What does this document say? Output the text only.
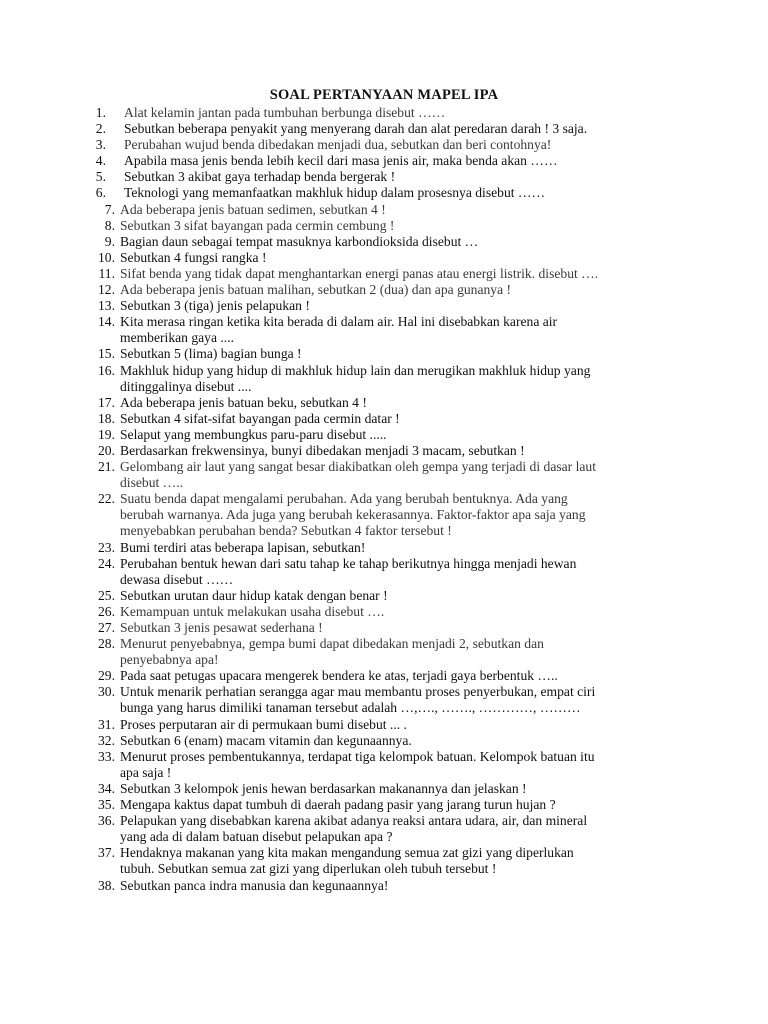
SOAL PERTANYAAN MAPEL IPA
1.	Alat kelamin jantan pada tumbuhan berbunga disebut ……
2.	Sebutkan beberapa penyakit yang menyerang darah dan alat peredaran darah ! 3 saja.
3.	Perubahan wujud benda dibedakan menjadi dua, sebutkan dan beri contohnya!
4.	Apabila masa jenis benda lebih kecil dari masa jenis air, maka benda akan ……
5.	Sebutkan 3 akibat gaya terhadap benda bergerak !
6.	Teknologi yang memanfaatkan makhluk hidup dalam prosesnya disebut ……
7. Ada beberapa jenis batuan sedimen, sebutkan 4 !
8. Sebutkan 3 sifat bayangan pada cermin cembung !
9. Bagian daun sebagai tempat masuknya karbondioksida disebut …
10. Sebutkan 4 fungsi rangka !
11. Sifat benda yang tidak dapat menghantarkan energi panas atau energi listrik. disebut ….
12. Ada beberapa jenis batuan malihan, sebutkan 2 (dua) dan apa gunanya !
13. Sebutkan 3 (tiga) jenis pelapukan !
14. Kita merasa ringan ketika kita berada di dalam air. Hal ini disebabkan karena air
memberikan gaya ....
15. Sebutkan 5 (lima) bagian bunga !
16. Makhluk hidup yang hidup di makhluk hidup lain dan merugikan makhluk hidup yang
ditinggalinya disebut ....
17. Ada beberapa jenis batuan beku, sebutkan 4 !
18. Sebutkan 4 sifat-sifat bayangan pada cermin datar !
19. Selaput yang membungkus paru-paru disebut .....
20. Berdasarkan frekwensinya, bunyi dibedakan menjadi 3 macam, sebutkan !
21. Gelombang air laut yang sangat besar diakibatkan oleh gempa yang terjadi di dasar laut
disebut …..
22. Suatu benda dapat mengalami perubahan. Ada yang berubah bentuknya. Ada yang
berubah warnanya. Ada juga yang berubah kekerasannya. Faktor-faktor apa saja yang
menyebabkan perubahan benda? Sebutkan 4 faktor tersebut !
23. Bumi terdiri atas beberapa lapisan, sebutkan!
24. Perubahan bentuk hewan dari satu tahap ke tahap berikutnya hingga menjadi hewan
dewasa disebut ……
25. Sebutkan urutan daur hidup katak dengan benar !
26. Kemampuan untuk melakukan usaha disebut ….
27. Sebutkan 3 jenis pesawat sederhana !
28. Menurut penyebabnya, gempa bumi dapat dibedakan menjadi 2, sebutkan dan
penyebabnya apa!
29. Pada saat petugas upacara mengerek bendera ke atas, terjadi gaya berbentuk …..
30. Untuk menarik perhatian serangga agar mau membantu proses penyerbukan, empat ciri
bunga yang harus dimiliki tanaman tersebut adalah …,…., ……., …………, ………
31. Proses perputaran air di permukaan bumi disebut ... .
32. Sebutkan 6 (enam) macam vitamin dan kegunaannya.
33. Menurut proses pembentukannya, terdapat tiga kelompok batuan. Kelompok batuan itu
apa saja !
34. Sebutkan 3 kelompok jenis hewan berdasarkan makanannya dan jelaskan !
35. Mengapa kaktus dapat tumbuh di daerah padang pasir yang jarang turun hujan ?
36. Pelapukan yang disebabkan karena akibat adanya reaksi antara udara, air, dan mineral
yang ada di dalam batuan disebut pelapukan apa ?
37. Hendaknya makanan yang kita makan mengandung semua zat gizi yang diperlukan
tubuh. Sebutkan semua zat gizi yang diperlukan oleh tubuh tersebut !
38. Sebutkan panca indra manusia dan kegunaannya!
